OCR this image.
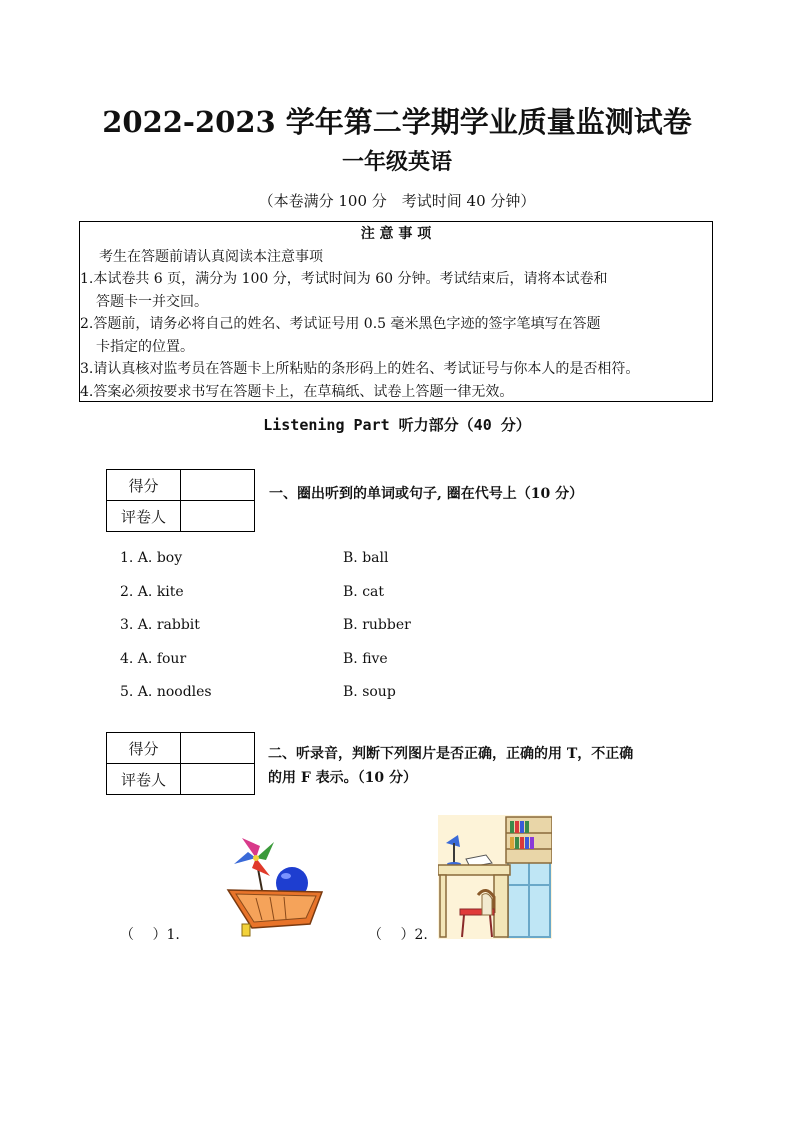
2022-2023 学年第二学期学业质量监测试卷
一年级英语
（本卷满分 100 分　考试时间 40 分钟）
注 意 事 项
考生在答题前请认真阅读本注意事项
1.本试卷共 6 页，满分为 100 分，考试时间为 60 分钟。考试结束后，请将本试卷和
答题卡一并交回。
2.答题前，请务必将自己的姓名、考试证号用 0.5 毫米黑色字迹的签字笔填写在答题
卡指定的位置。
3.请认真核对监考员在答题卡上所粘贴的条形码上的姓名、考试证号与你本人的是否相符。
4.答案必须按要求书写在答题卡上，在草稿纸、试卷上答题一律无效。
Listening Part 听力部分（40 分）
得分	
评卷人	
一、圈出听到的单词或句子, 圈在代号上（10 分）
1. A. boy	B. ball
2. A. kite	B. cat
3. A. rabbit	B. rubber
4. A. four	B. five
5. A. noodles	B. soup
得分	
评卷人	
二、听录音，判断下列图片是否正确，正确的用 T，不正确
的用 F 表示。（10 分）
（　 ）1.	（　 ）2.
